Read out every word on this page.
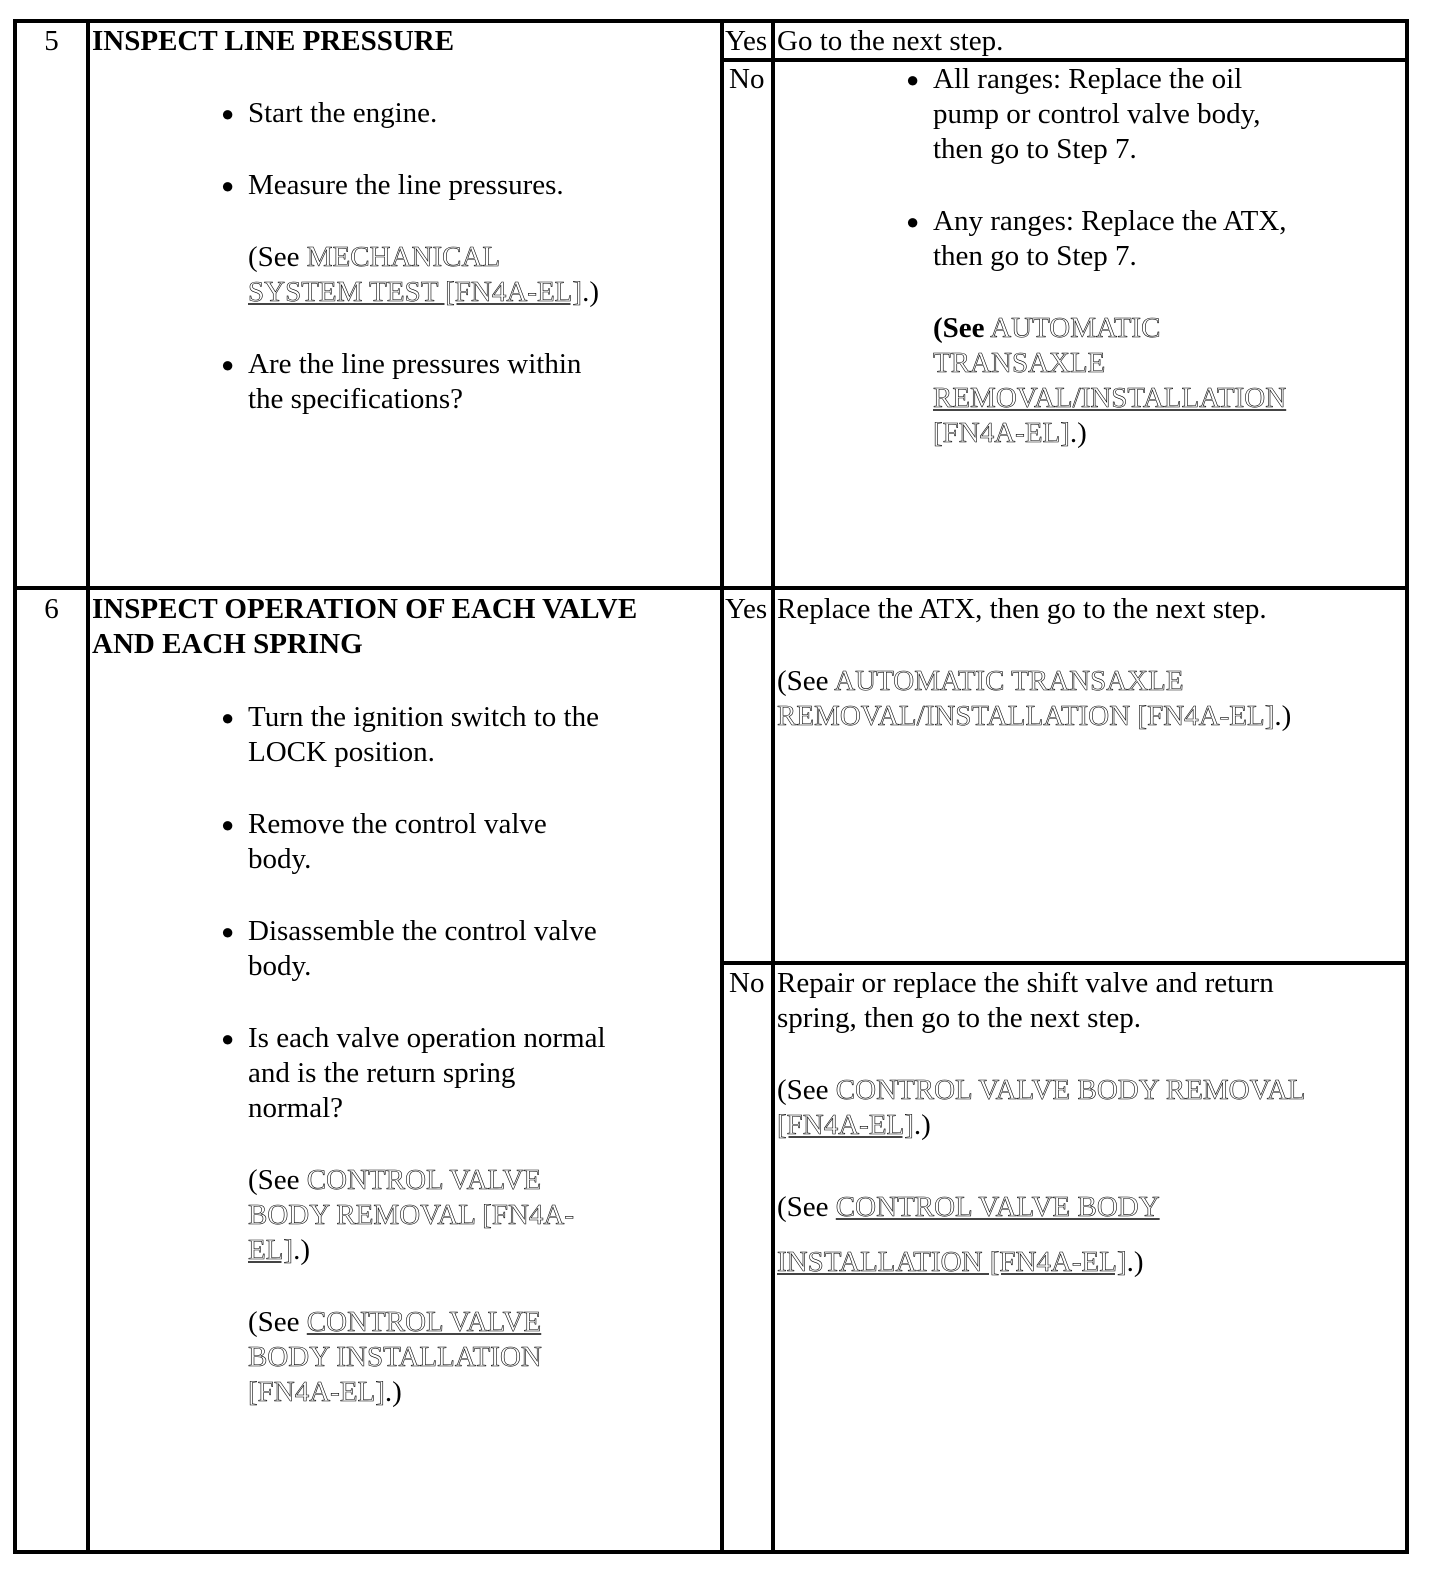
5	INSPECT LINE PRESSURE
● Start the engine.
● Measure the line pressures.
(See MECHANICAL
SYSTEM TEST [FN4A-EL].)
● Are the line pressures within
the specifications?
Yes Go to the next step.
No	● All ranges: Replace the oil
pump or control valve body,
then go to Step 7.
● Any ranges: Replace the ATX,
then go to Step 7.
(See AUTOMATIC
TRANSAXLE
REMOVAL/INSTALLATION
[FN4A-EL].)
6	INSPECT OPERATION OF EACH VALVE
AND EACH SPRING
● Turn the ignition switch to the
LOCK position.
● Remove the control valve
body.
● Disassemble the control valve
body.
● Is each valve operation normal
and is the return spring
normal?
(See CONTROL VALVE
BODY REMOVAL [FN4A-
EL].)
(See CONTROL VALVE
BODY INSTALLATION
[FN4A-EL].)
Yes Replace the ATX, then go to the next step.
(See AUTOMATIC TRANSAXLE
REMOVAL/INSTALLATION [FN4A-EL].)
No Repair or replace the shift valve and return
spring, then go to the next step.
(See CONTROL VALVE BODY REMOVAL
[FN4A-EL].)
(See CONTROL VALVE BODY
INSTALLATION [FN4A-EL].)
